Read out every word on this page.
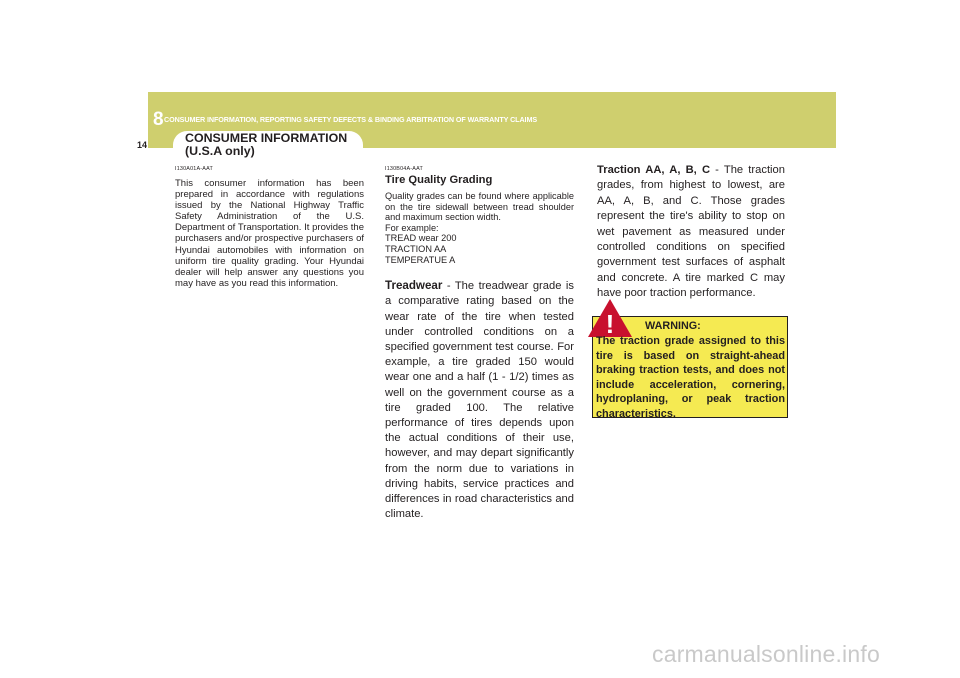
8 CONSUMER INFORMATION, REPORTING SAFETY DEFECTS & BINDING ARBITRATION OF WARRANTY CLAIMS
14	CONSUMER INFORMATION
(U.S.A only)
I130A01A-AAT

This consumer information has been prepared in accordance with regulations issued by the National Highway Traffic Safety Administration of the U.S. Department of Transportation. It provides the purchasers and/or prospective purchasers of Hyundai automobiles with information on uniform tire quality grading. Your Hyundai dealer will help answer any questions you may have as you read this information.

I130B04A-AAT
Tire Quality Grading

Quality grades can be found where applicable on the tire sidewall between tread shoulder and maximum section width.

For example:
TREAD wear 200
TRACTION AA
TEMPERATUE A

Treadwear - The treadwear grade is a comparative rating based on the wear rate of the tire when tested under controlled conditions on a specified government test course. For example, a tire graded 150 would wear one and a half (1 - 1/2) times as well on the government course as a tire graded 100. The relative performance of tires depends upon the actual conditions of their use, however, and may depart significantly from the norm due to variations in driving habits, service practices and differences in road characteristics and climate.

Traction AA, A, B, C - The traction grades, from highest to lowest, are AA, A, B, and C. Those grades represent the tire's ability to stop on wet pavement as measured under controlled conditions on specified government test surfaces of asphalt and concrete. A tire marked C may have poor traction performance.

!	WARNING:
The traction grade assigned to this tire is based on straight-ahead braking traction tests, and does not include acceleration, cornering, hydroplaning, or peak traction characteristics.
carmanualsonline.info
